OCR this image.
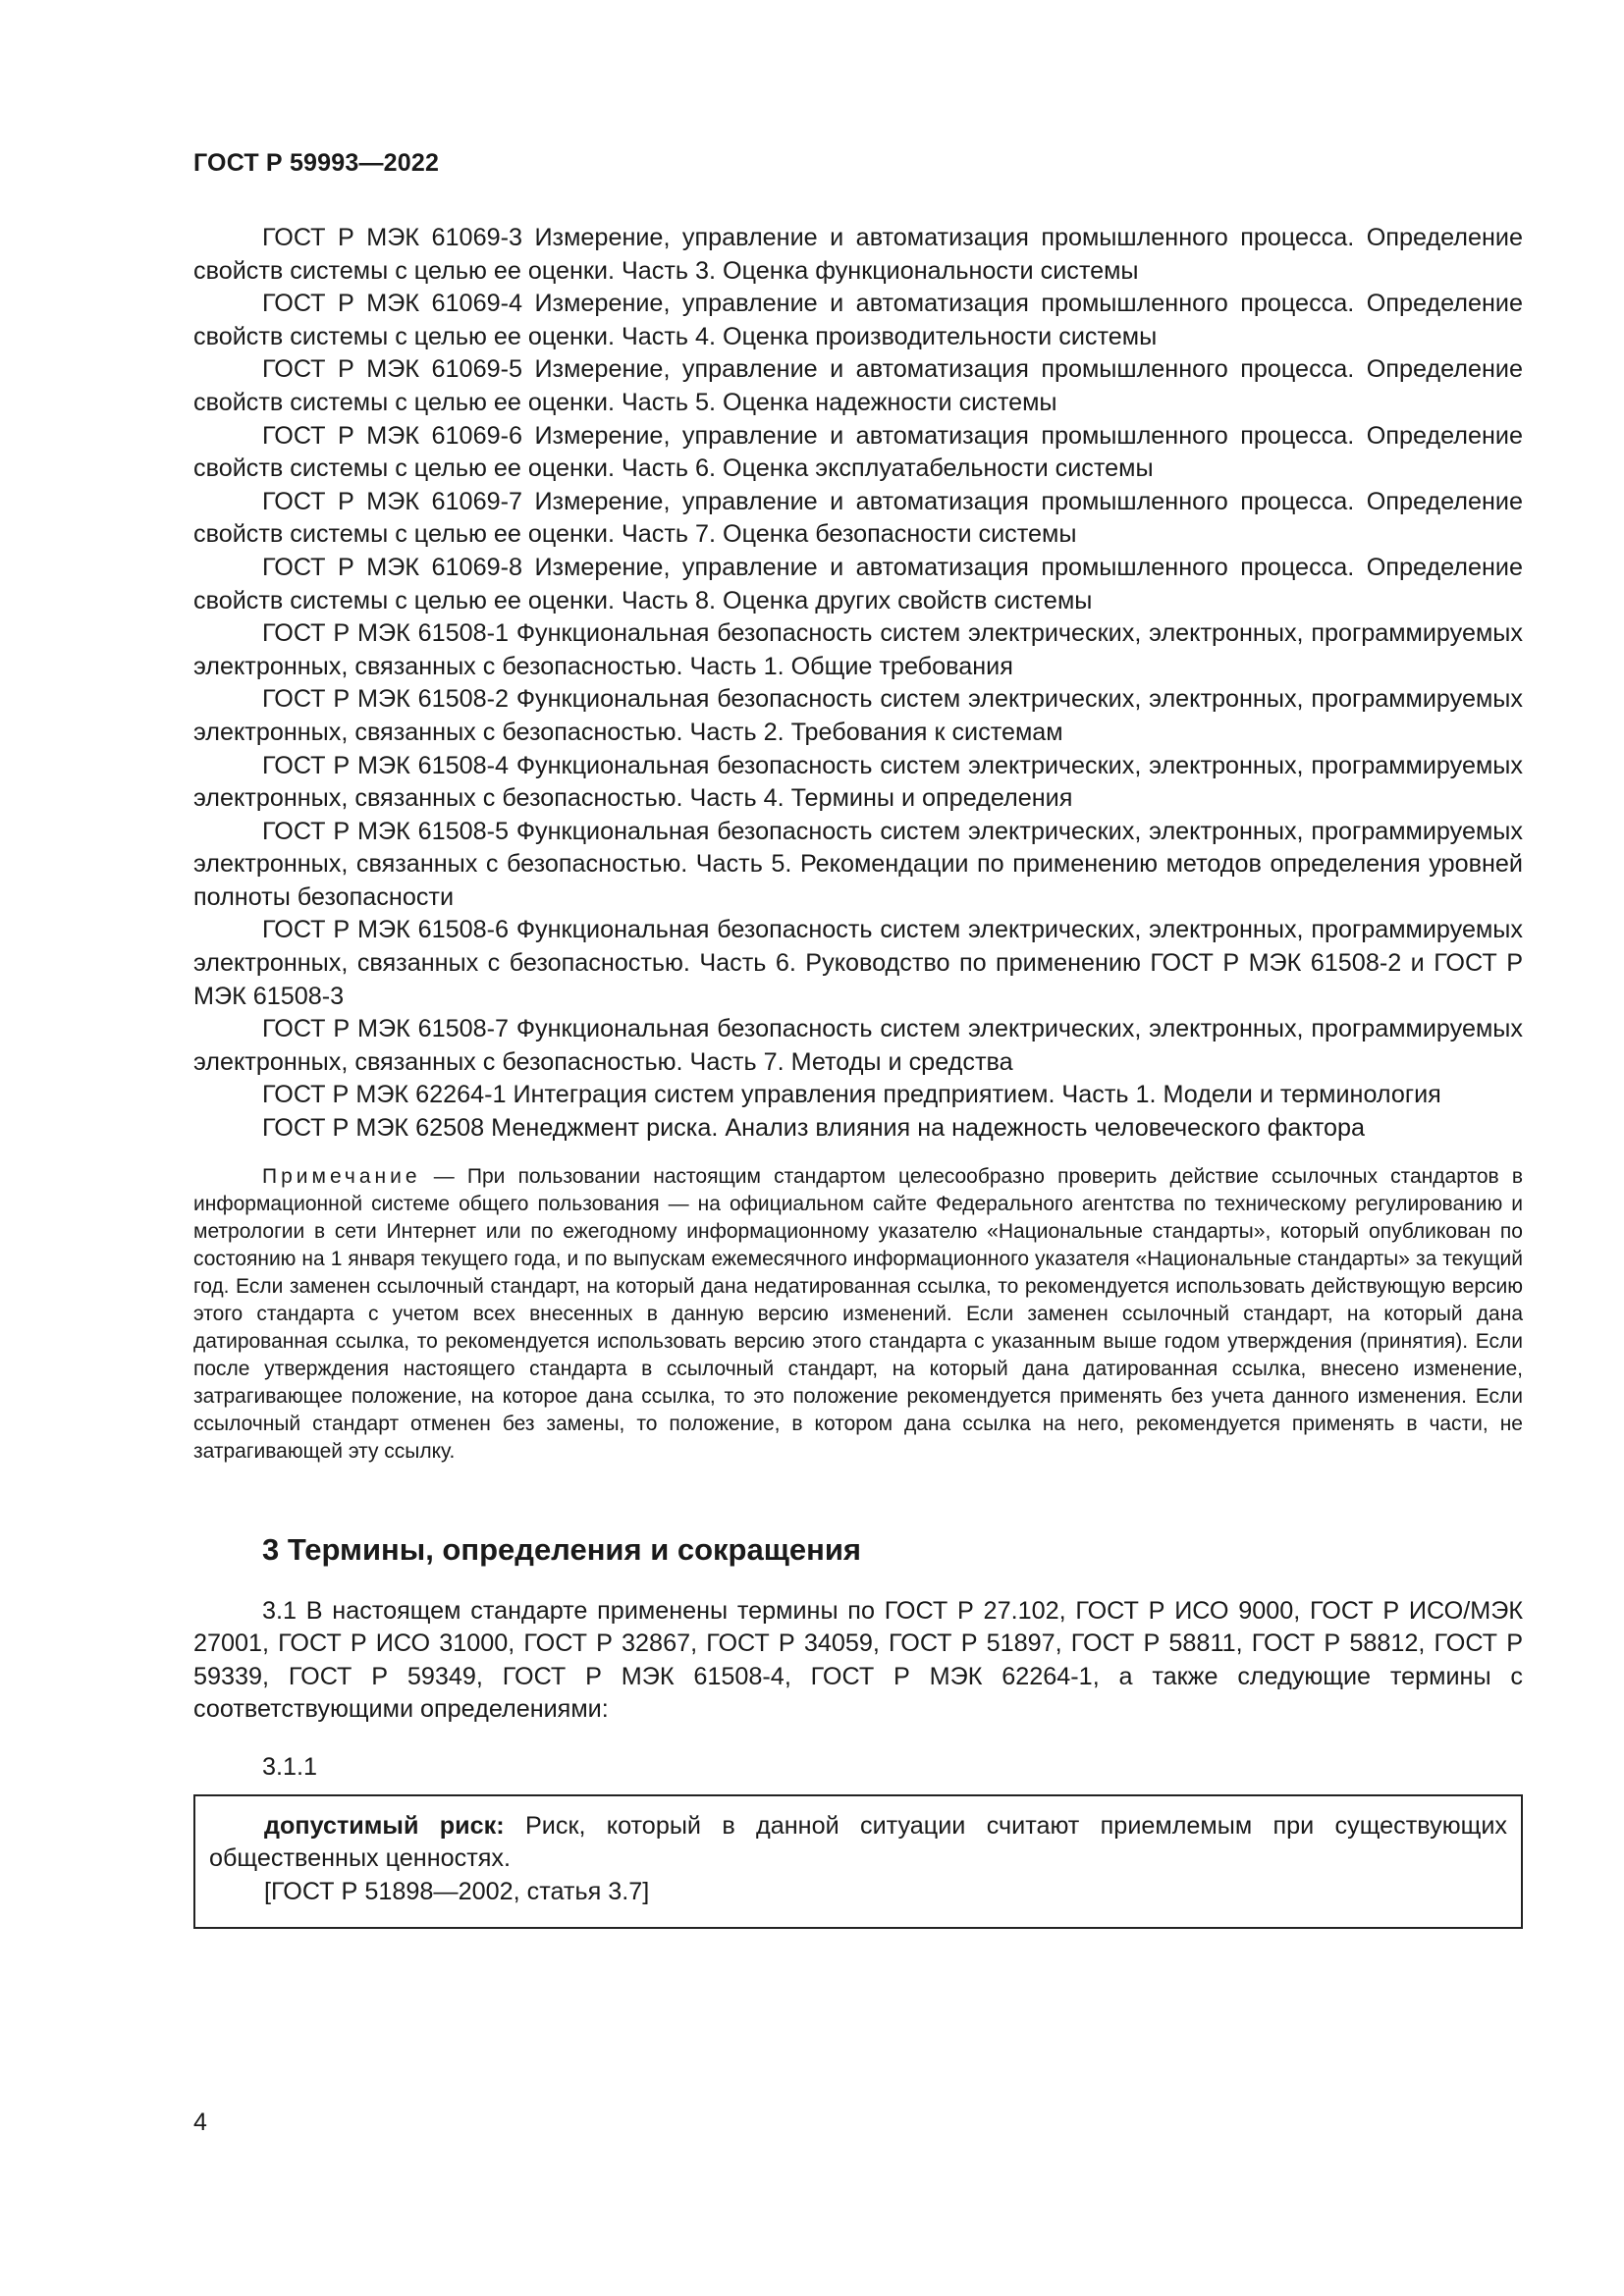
ГОСТ Р 59993—2022

ГОСТ Р МЭК 61069-3 Измерение, управление и автоматизация промышленного процесса. Определение свойств системы с целью ее оценки. Часть 3. Оценка функциональности системы

ГОСТ Р МЭК 61069-4 Измерение, управление и автоматизация промышленного процесса. Определение свойств системы с целью ее оценки. Часть 4. Оценка производительности системы

ГОСТ Р МЭК 61069-5 Измерение, управление и автоматизация промышленного процесса. Определение свойств системы с целью ее оценки. Часть 5. Оценка надежности системы

ГОСТ Р МЭК 61069-6 Измерение, управление и автоматизация промышленного процесса. Определение свойств системы с целью ее оценки. Часть 6. Оценка эксплуатабельности системы

ГОСТ Р МЭК 61069-7 Измерение, управление и автоматизация промышленного процесса. Определение свойств системы с целью ее оценки. Часть 7. Оценка безопасности системы

ГОСТ Р МЭК 61069-8 Измерение, управление и автоматизация промышленного процесса. Определение свойств системы с целью ее оценки. Часть 8. Оценка других свойств системы

ГОСТ Р МЭК 61508-1 Функциональная безопасность систем электрических, электронных, программируемых электронных, связанных с безопасностью. Часть 1. Общие требования

ГОСТ Р МЭК 61508-2 Функциональная безопасность систем электрических, электронных, программируемых электронных, связанных с безопасностью. Часть 2. Требования к системам

ГОСТ Р МЭК 61508-4 Функциональная безопасность систем электрических, электронных, программируемых электронных, связанных с безопасностью. Часть 4. Термины и определения

ГОСТ Р МЭК 61508-5 Функциональная безопасность систем электрических, электронных, программируемых электронных, связанных с безопасностью. Часть 5. Рекомендации по применению методов определения уровней полноты безопасности

ГОСТ Р МЭК 61508-6 Функциональная безопасность систем электрических, электронных, программируемых электронных, связанных с безопасностью. Часть 6. Руководство по применению ГОСТ Р МЭК 61508-2 и ГОСТ Р МЭК 61508-3

ГОСТ Р МЭК 61508-7 Функциональная безопасность систем электрических, электронных, программируемых электронных, связанных с безопасностью. Часть 7. Методы и средства

ГОСТ Р МЭК 62264-1 Интеграция систем управления предприятием. Часть 1. Модели и терминология

ГОСТ Р МЭК 62508 Менеджмент риска. Анализ влияния на надежность человеческого фактора

Примечание — При пользовании настоящим стандартом целесообразно проверить действие ссылочных стандартов в информационной системе общего пользования — на официальном сайте Федерального агентства по техническому регулированию и метрологии в сети Интернет или по ежегодному информационному указателю «Национальные стандарты», который опубликован по состоянию на 1 января текущего года, и по выпускам ежемесячного информационного указателя «Национальные стандарты» за текущий год. Если заменен ссылочный стандарт, на который дана недатированная ссылка, то рекомендуется использовать действующую версию этого стандарта с учетом всех внесенных в данную версию изменений. Если заменен ссылочный стандарт, на который дана датированная ссылка, то рекомендуется использовать версию этого стандарта с указанным выше годом утверждения (принятия). Если после утверждения настоящего стандарта в ссылочный стандарт, на который дана датированная ссылка, внесено изменение, затрагивающее положение, на которое дана ссылка, то это положение рекомендуется применять без учета данного изменения. Если ссылочный стандарт отменен без замены, то положение, в котором дана ссылка на него, рекомендуется применять в части, не затрагивающей эту ссылку.

3 Термины, определения и сокращения

3.1 В настоящем стандарте применены термины по ГОСТ Р 27.102, ГОСТ Р ИСО 9000, ГОСТ Р ИСО/МЭК 27001, ГОСТ Р ИСО 31000, ГОСТ Р 32867, ГОСТ Р 34059, ГОСТ Р 51897, ГОСТ Р 58811, ГОСТ Р 58812, ГОСТ Р 59339, ГОСТ Р 59349, ГОСТ Р МЭК 61508-4, ГОСТ Р МЭК 62264-1, а также следующие термины с соответствующими определениями:

3.1.1

допустимый риск: Риск, который в данной ситуации считают приемлемым при существующих общественных ценностях.

[ГОСТ Р 51898—2002, статья 3.7]

4
